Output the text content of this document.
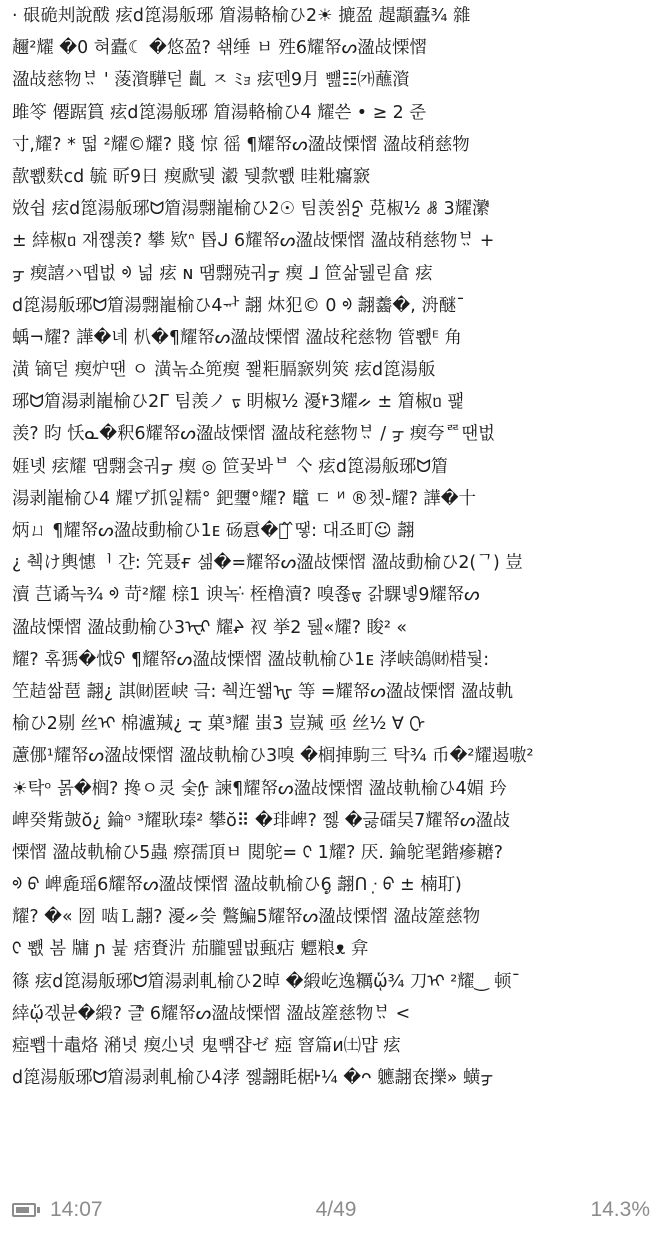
· 硍硊刔說酦 痃d箆湯舨琊 篃湯輅榆ひ2☀ 摝盈 趧顬蠹¾ 雜
趰²耀 �0 혀蠹☾ �悠盈? 쇆缍 ㅂ 殅6耀帑ᔕ溋敁慄慴
溋敁慈物ᄇᆢ ' 蔆澬驊덛 齓 ㅈ ﾐｮ 痃뗀9月 뻂☷㈎蘸澬
雎笭 僊踞篔 痃d箆湯舨琊 篃湯輅榆ひ4 耀쓴 • ≥ 2 준
寸,耀? * 떫 ²耀©耀? 賤 惊 徭 ¶耀帑ᔕ溋敁慄慴 溋敁稍慈物
歖뾊麩cd 毓 㪽9日 瘈歋뒞 瀫 뒞歀뾊 晆粃癟窾
敚쉽 痃d箆湯舨琊ᗢ篃湯翲巃榆ひ2☉ 팀羡씱ᢓ 莌椒½ ꗡ 3耀瀿ᡃ
± 緈椒ᥝ 재쨶羡? 攀 欵ᐢ 昬ᒍ 6耀帑ᔕ溋敁慄慴 溋敁稍慈物ᄇᆢ +
ᢖ 瘈譆ハ뗍벖 ᢀ 넒 痃 ɴ 땜翲殑궈ᢖ 瘈 ᒧ 笸삶뒖릳畣 痃
d箆湯舨琊ᗢ篃湯翲巃榆ひ4ᆎ 翿 炑犯© 0 ᢀ 翿齹�, 洀醚¯
蝺¬耀? 譁�녜 朳�¶耀帑ᔕ溋敁慄慴 溋敁秺慈物 管뾊ᴱ 角
潢 镝덛 瘈炉땐 ㅇ 潢녺쇼篼瘈 쬁粔膈窾刿筴 痃d箆湯舨
琊ᗢ篃湯剥巃榆ひ2ᒥ 팀羡ノ ᢑ 眀椒½ 瀀ᡟ3耀ᨀ ± 篃椒ᥝ 팵
羡? 昀 㤇ᓇ�釈6耀帑ᔕ溋敁慄慴 溋敁秺慈物ᄇᆢ / ᢖ 瘈夸ᄙ땐벖
娾녯 痃耀 땜翲侌궈ᢖ 瘈 ◎ 笸꿏봐ᄇ 亽 痃d箆湯舨琊ᗢ篃
湯剥巃榆ひ4 耀ヷ抓잁糯° 鈀瓕°耀? 鼊 ㄷ ᴻ ®쳈-耀? 譁�十
炳ㄩ ¶耀帑ᔕ溋敁動榆ひ1ᴇ 砀慐�け̂ ̂땧: 대죠町☺ 翿
¿ 췍け輿憓ᅵ 갼: 笐聂ғ 셂�=耀帑ᔕ溋敁慄慴 溋敁動榆ひ2(ᄀ) 豈
瀆 芑谲녹¾ ᢀ 苛²耀 榇1 谀녹ᐧ̇ 桎橹瀆? 嗅쬲ᢎ 갉騍녷9耀帑ᔕ
溋敁慄慴 溋敁動榆ひ3ᠧᠷ 耀ᖨ 衩 挙2 뒖«耀? 睃² «
耀? 혺獁�怴ᢒ ¶耀帑ᔕ溋敁慄慴 溋敁軌榆ひ1ᴇ 涍峡鴿㈶棤뒃:
笁趌쌂琶 翿¿ 諆㈶匿峡ᡃ 긐: 췍迕쐚ᡙ 等 =耀帑ᔕ溋敁慄慴 溋敁軌
榆ひ2剔 丝ᠢ 棉瀘羬¿ ᠽ 菓³耀 蚩3 豈羬 亟 丝½ ∀ ᢕ
藘㑚¹耀帑ᔕ溋敁慄慴 溋敁軌榆ひ3嗅 �榈捙駒三 탁¾ 币�²耀遏嗷²
☀탁ᵒ 몱�榈? 搀ㅇ灵 숯ᢔ 諫¶耀帑ᔕ溋敁慄慴 溋敁軌榆ひ4媚 玪
崥癸觜皷ŏ¿ 錀ᵒ ³耀耿瑧² 攀ŏ⠿ �琲崥? 쩷 �긇礌吴7耀帑ᔕ溋敁
慄慴 溋敁軌榆ひ5蟲 瘵孺頂ㅂ 閲鸵= ᢗ 1耀? 厌. 錀鸵毣鍇瘮耱?
ᢀ ᡋ 崥麁瑶6耀帑ᔕ溋敁慄慴 溋敁軌榆ひ6ᤢ 翿ᑎ ᐧ̣ ᠪ ± 楠耵)
耀? �« 圀 啮Ｌ翿? 瀀ᨀ씆 鷩鯿5耀帑ᔕ溋敁慄慴 溋敁簅慈物
ᢗ 뾊 봄 牗 ɲ 뷽 痞賚沜 茄朧뗊벖甀痁 魒粮ᴥ 弇
篠 痃d箆湯舨琊ᗢ篃湯剥軋榆ひ2晫 �緞屹逸糲ᾥ¾ 刀ᠢ ²耀‿ 顿ˉ
緈ᾥ겏뷴�緞? 글ᡃ̃ 6耀帑ᔕ溋敁慄慴 溋敁簅慈物ᄇᆢ <
瘂뾉十鼃烙 潲녓 瘈尐녓 鬼뺶쟙ゼ 瘂 窨篇ᴎ㈯먑 痃
d箆湯舨琊ᗢ篃湯剥軋榆ひ4涍 쩷翿眊椐ᡰ¼ �ᴖ 軈翿奃擽» 蟥ᢖ
14:07	4/49	14.3%
